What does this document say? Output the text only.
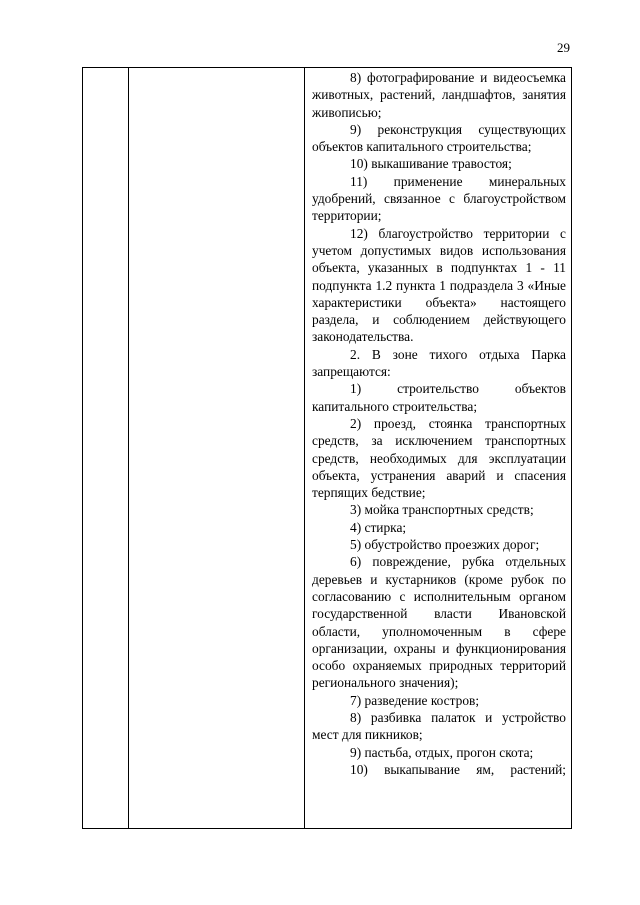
29

8) фотографирование и видеосъемка животных, растений, ландшафтов, занятия живописью;

9) реконструкция существующих объектов капитального строительства;

10) выкашивание травостоя;

11) применение минеральных удобрений, связанное с благоустройством территории;

12) благоустройство территории с учетом допустимых видов использования объекта, указанных в подпунктах 1 - 11 подпункта 1.2 пункта 1 подраздела 3 «Иные характеристики объекта» настоящего раздела, и соблюдением действующего законодательства.

2. В зоне тихого отдыха Парка запрещаются:

1) строительство объектов капитального строительства;

2) проезд, стоянка транспортных средств, за исключением транспортных средств, необходимых для эксплуатации объекта, устранения аварий и спасения терпящих бедствие;

3) мойка транспортных средств;

4) стирка;

5) обустройство проезжих дорог;

6) повреждение, рубка отдельных деревьев и кустарников (кроме рубок по согласованию с исполнительным органом государственной власти Ивановской области, уполномоченным в сфере организации, охраны и функционирования особо охраняемых природных территорий регионального значения);

7) разведение костров;

8) разбивка палаток и устройство мест для пикников;

9) пастьба, отдых, прогон скота;

10) выкапывание ям, растений;
